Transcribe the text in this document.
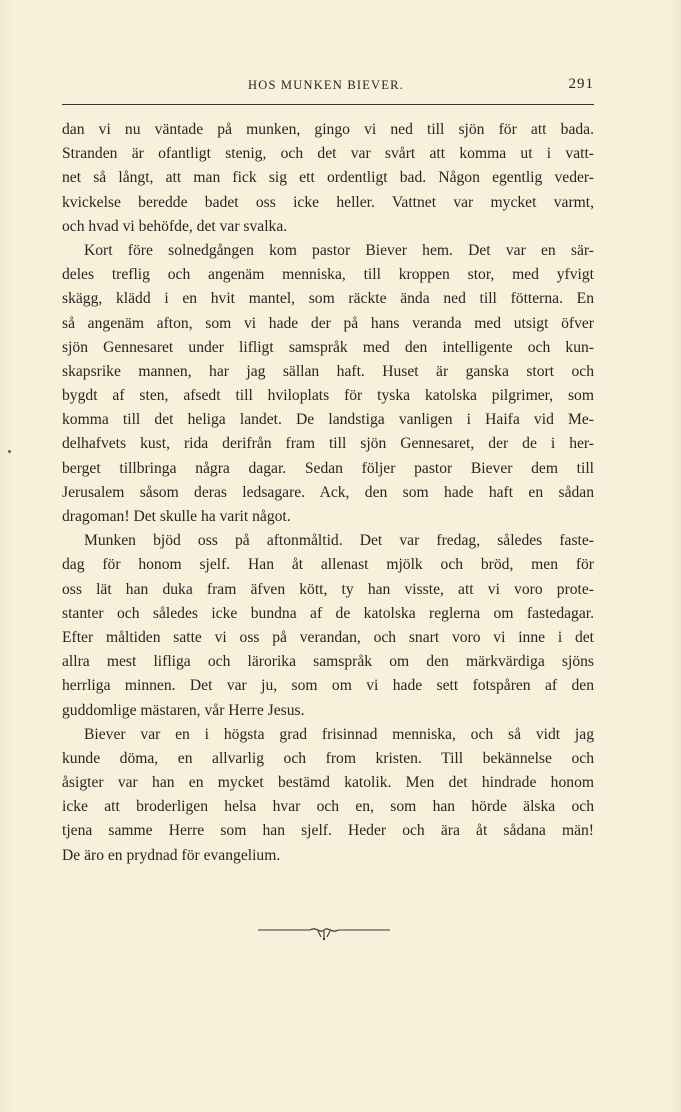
HOS MUNKEN BIEVER.	291
dan vi nu väntade på munken, gingo vi ned till sjön för att bada.
Stranden är ofantligt stenig, och det var svårt att komma ut i vatt-
net så långt, att man fick sig ett ordentligt bad. Någon egentlig veder-
kvickelse beredde badet oss icke heller. Vattnet var mycket varmt,
och hvad vi behöfde, det var svalka.
Kort före solnedgången kom pastor Biever hem. Det var en sär-
deles treflig och angenäm menniska, till kroppen stor, med yfvigt
skägg, klädd i en hvit mantel, som räckte ända ned till fötterna. En
så angenäm afton, som vi hade der på hans veranda med utsigt öfver
sjön Gennesaret under lifligt samspråk med den intelligente och kun-
skapsrike mannen, har jag sällan haft. Huset är ganska stort och
bygdt af sten, afsedt till hviloplats för tyska katolska pilgrimer, som
komma till det heliga landet. De landstiga vanligen i Haifa vid Me-
delhafvets kust, rida derifrån fram till sjön Gennesaret, der de i her-
berget tillbringa några dagar. Sedan följer pastor Biever dem till
Jerusalem såsom deras ledsagare. Ack, den som hade haft en sådan
dragoman! Det skulle ha varit något.
Munken bjöd oss på aftonmåltid. Det var fredag, således faste-
dag för honom sjelf. Han åt allenast mjölk och bröd, men för
oss lät han duka fram äfven kött, ty han visste, att vi voro prote-
stanter och således icke bundna af de katolska reglerna om fastedagar.
Efter måltiden satte vi oss på verandan, och snart voro vi inne i det
allra mest lifliga och lärorika samspråk om den märkvärdiga sjöns
herrliga minnen. Det var ju, som om vi hade sett fotspåren af den
guddomlige mästaren, vår Herre Jesus.
Biever var en i högsta grad frisinnad menniska, och så vidt jag
kunde döma, en allvarlig och from kristen. Till bekännelse och
åsigter var han en mycket bestämd katolik. Men det hindrade honom
icke att broderligen helsa hvar och en, som han hörde älska och
tjena samme Herre som han sjelf. Heder och ära åt sådana män!
De äro en prydnad för evangelium.
